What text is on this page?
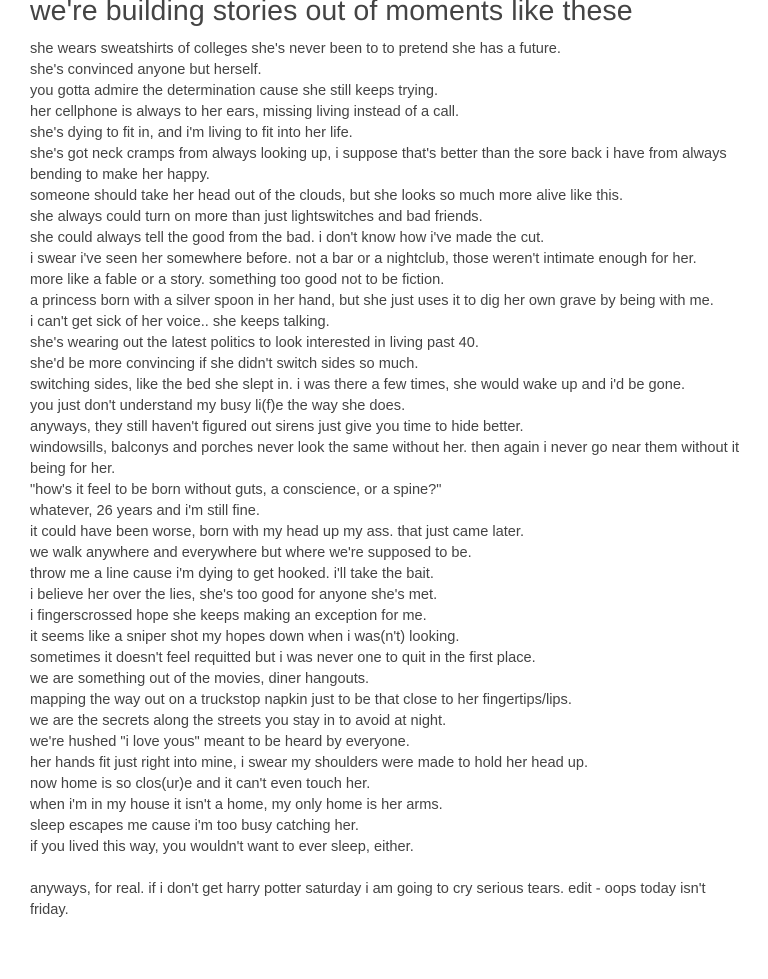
we're building stories out of moments like these
she wears sweatshirts of colleges she's never been to to pretend she has a future.
she's convinced anyone but herself.
you gotta admire the determination cause she still keeps trying.
her cellphone is always to her ears, missing living instead of a call.
she's dying to fit in, and i'm living to fit into her life.
she's got neck cramps from always looking up, i suppose that's better than the sore back i have from always bending to make her happy.
someone should take her head out of the clouds, but she looks so much more alive like this.
she always could turn on more than just lightswitches and bad friends.
she could always tell the good from the bad. i don't know how i've made the cut.
i swear i've seen her somewhere before. not a bar or a nightclub, those weren't intimate enough for her.
more like a fable or a story. something too good not to be fiction.
a princess born with a silver spoon in her hand, but she just uses it to dig her own grave by being with me.
i can't get sick of her voice.. she keeps talking.
she's wearing out the latest politics to look interested in living past 40.
she'd be more convincing if she didn't switch sides so much.
switching sides, like the bed she slept in. i was there a few times, she would wake up and i'd be gone.
you just don't understand my busy li(f)e the way she does.
anyways, they still haven't figured out sirens just give you time to hide better.
windowsills, balconys and porches never look the same without her. then again i never go near them without it being for her.
"how's it feel to be born without guts, a conscience, or a spine?"
whatever, 26 years and i'm still fine.
it could have been worse, born with my head up my ass. that just came later.
we walk anywhere and everywhere but where we're supposed to be.
throw me a line cause i'm dying to get hooked. i'll take the bait.
i believe her over the lies, she's too good for anyone she's met.
i fingerscrossed hope she keeps making an exception for me.
it seems like a sniper shot my hopes down when i was(n't) looking.
sometimes it doesn't feel requitted but i was never one to quit in the first place.
we are something out of the movies, diner hangouts.
mapping the way out on a truckstop napkin just to be that close to her fingertips/lips.
we are the secrets along the streets you stay in to avoid at night.
we're hushed "i love yous" meant to be heard by everyone.
her hands fit just right into mine, i swear my shoulders were made to hold her head up.
now home is so clos(ur)e and it can't even touch her.
when i'm in my house it isn't a home, my only home is her arms.
sleep escapes me cause i'm too busy catching her.
if you lived this way, you wouldn't want to ever sleep, either.
anyways, for real. if i don't get harry potter saturday i am going to cry serious tears. edit - oops today isn't friday.
